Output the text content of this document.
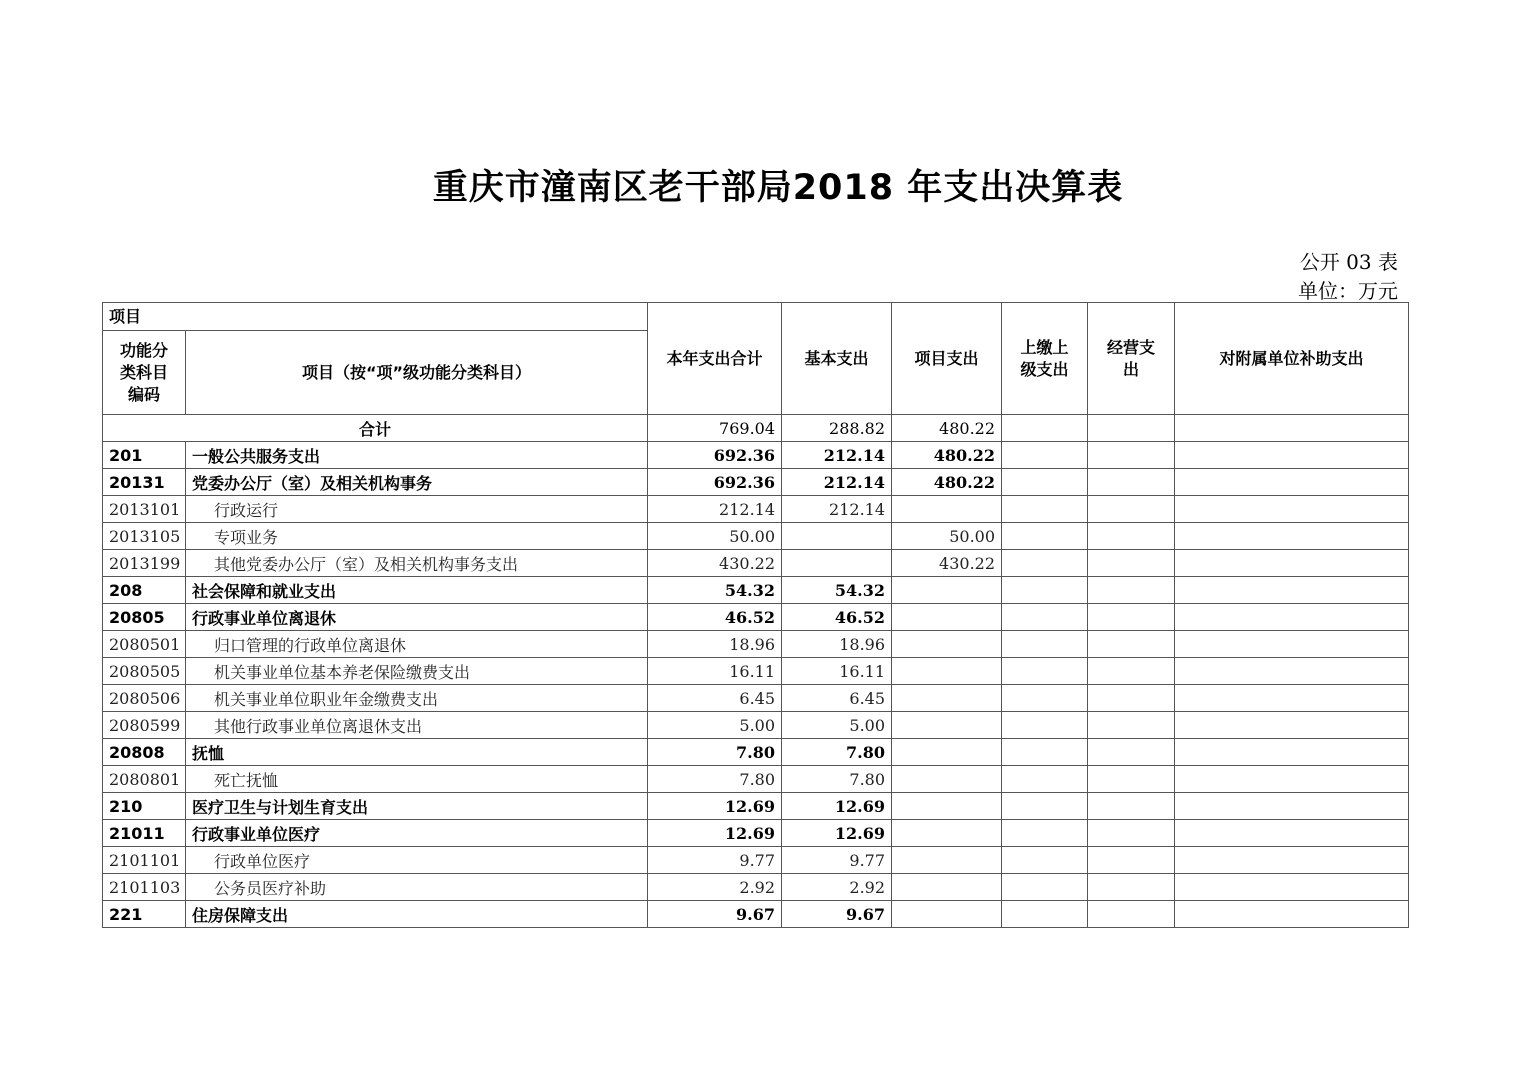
重庆市潼南区老干部局2018 年支出决算表
公开 03 表
单位：万元
项目		本年支出合计	基本支出	项目支出	上缴上级支出	经营支出	对附属单位补助支出
功能分类科目编码	项目（按“项”级功能分类科目）						
合计		769.04	288.82	480.22			
201	一般公共服务支出	692.36	212.14	480.22			
20131	党委办公厅（室）及相关机构事务	692.36	212.14	480.22			
2013101	行政运行	212.14	212.14				
2013105	专项业务	50.00		50.00			
2013199	其他党委办公厅（室）及相关机构事务支出	430.22		430.22			
208	社会保障和就业支出	54.32	54.32				
20805	行政事业单位离退休	46.52	46.52				
2080501	归口管理的行政单位离退休	18.96	18.96				
2080505	机关事业单位基本养老保险缴费支出	16.11	16.11				
2080506	机关事业单位职业年金缴费支出	6.45	6.45				
2080599	其他行政事业单位离退休支出	5.00	5.00				
20808	抚恤	7.80	7.80				
2080801	死亡抚恤	7.80	7.80				
210	医疗卫生与计划生育支出	12.69	12.69				
21011	行政事业单位医疗	12.69	12.69				
2101101	行政单位医疗	9.77	9.77				
2101103	公务员医疗补助	2.92	2.92				
221	住房保障支出	9.67	9.67				
